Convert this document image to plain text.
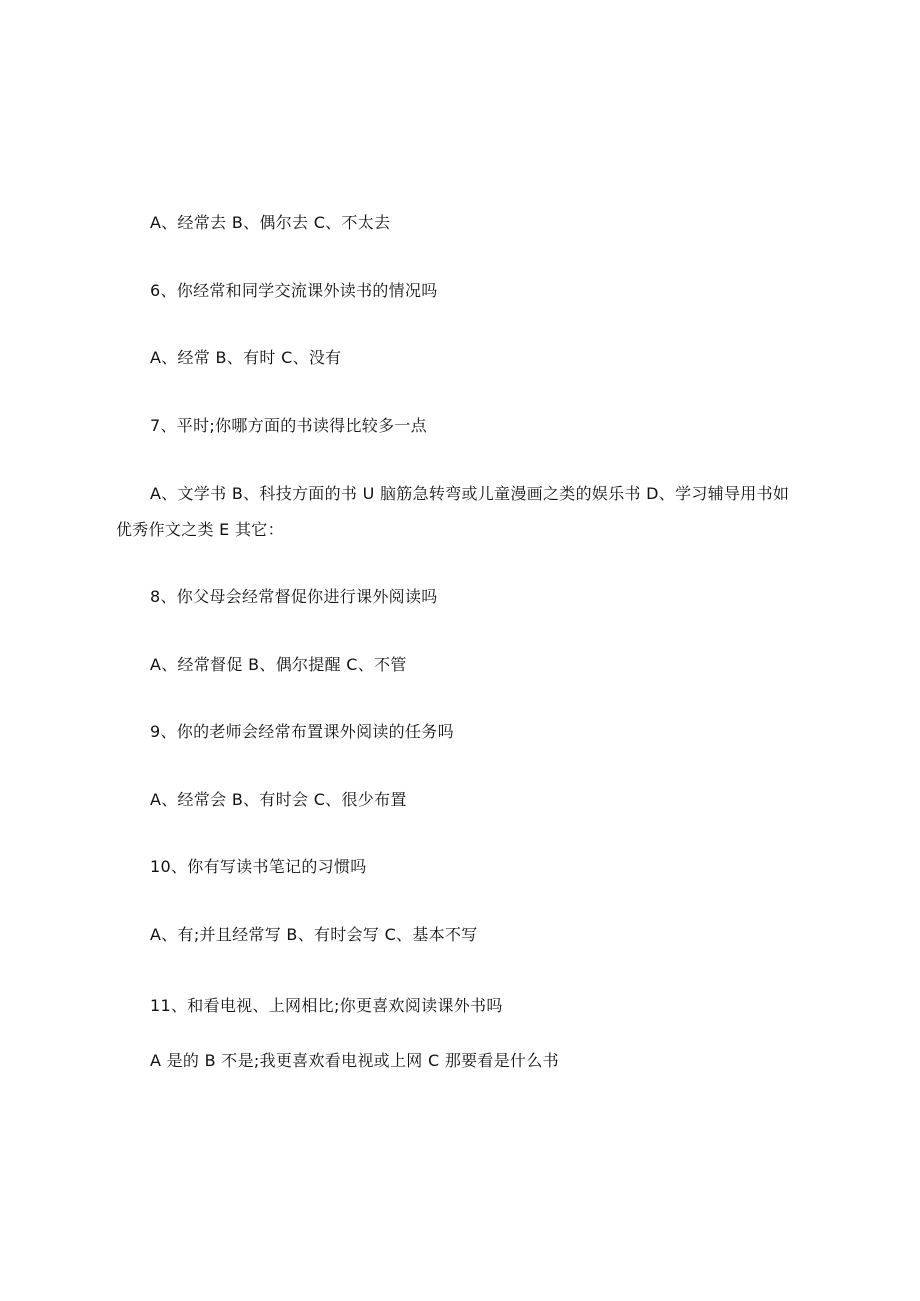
A、经常去 B、偶尔去 C、不太去
6、你经常和同学交流课外读书的情况吗
A、经常 B、有时 C、没有
7、平时;你哪方面的书读得比较多一点
A、文学书 B、科技方面的书 U 脑筋急转弯或儿童漫画之类的娱乐书 D、学习辅导用书如
优秀作文之类 E 其它：
8、你父母会经常督促你进行课外阅读吗
A、经常督促 B、偶尔提醒 C、不管
9、你的老师会经常布置课外阅读的任务吗
A、经常会 B、有时会 C、很少布置
10、你有写读书笔记的习惯吗
A、有;并且经常写 B、有时会写 C、基本不写
11、和看电视、上网相比;你更喜欢阅读课外书吗
A 是的 B 不是;我更喜欢看电视或上网 C 那要看是什么书
